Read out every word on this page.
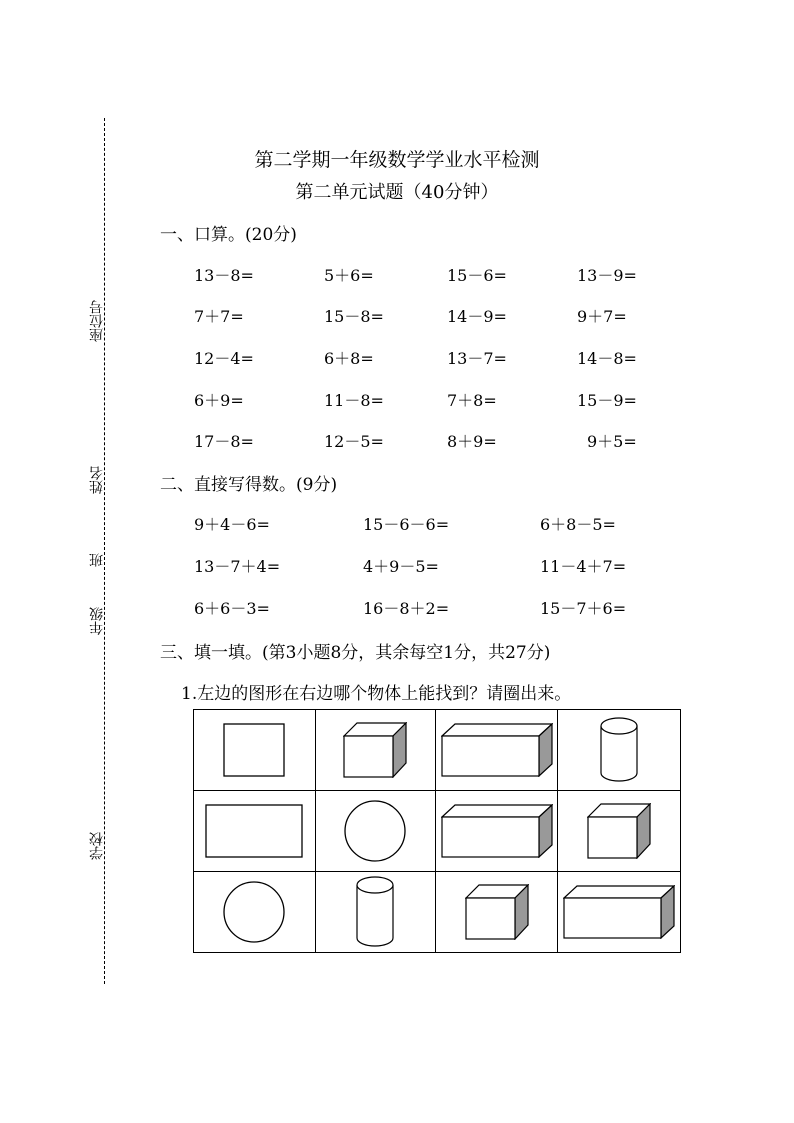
座位号
姓名
班
年级
学校
第二学期一年级数学学业水平检测
第二单元试题（40分钟）
一、口算。(20分)
13－8=	5＋6=	15－6=	13－9=
7＋7=	15－8=	14－9=	9＋7=
12－4=	6＋8=	13－7=	14－8=
6＋9=	11－8=	7＋8=	15－9=
17－8=	12－5=	8＋9=	9＋5=
二、直接写得数。(9分)
9＋4－6=	15－6－6=	6＋8－5=
13－7＋4=	4＋9－5=	11－4＋7=
6＋6－3=	16－8＋2=	15－7＋6=
三、填一填。(第3小题8分，其余每空1分，共27分)
1.左边的图形在右边哪个物体上能找到？请圈出来。
